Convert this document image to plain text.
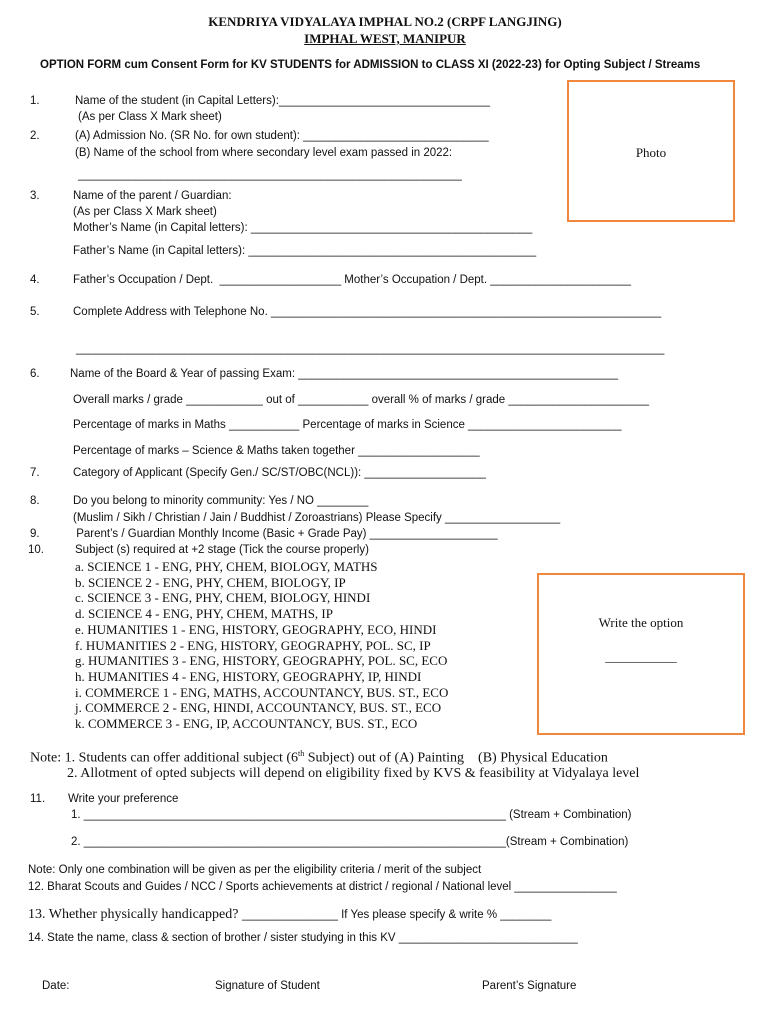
KENDRIYA VIDYALAYA IMPHAL NO.2 (CRPF LANGJING)
IMPHAL WEST, MANIPUR
OPTION FORM cum Consent Form for KV STUDENTS for ADMISSION to CLASS XI (2022-23) for Opting Subject / Streams
Photo
1.	Name of the student (in Capital Letters):_________________________________
(As per Class X Mark sheet)
2.	(A) Admission No. (SR No. for own student): _____________________________
(B) Name of the school from where secondary level exam passed in 2022:
____________________________________________________________
3.	Name of the parent / Guardian:
(As per Class X Mark sheet)
Mother’s Name (in Capital letters): ____________________________________________
Father’s Name (in Capital letters): _____________________________________________
4.	Father’s Occupation / Dept.  ___________________ Mother’s Occupation / Dept. ______________________
5.	Complete Address with Telephone No. _____________________________________________________________
____________________________________________________________________________________________
6.	Name of the Board & Year of passing Exam: __________________________________________________
Overall marks / grade ____________ out of ___________ overall % of marks / grade ______________________
Percentage of marks in Maths ___________ Percentage of marks in Science ________________________
Percentage of marks – Science & Maths taken together ___________________
7.	Category of Applicant (Specify Gen./ SC/ST/OBC(NCL)): ___________________
8.	Do you belong to minority community: Yes / NO ________
(Muslim / Sikh / Christian / Jain / Buddhist / Zoroastrians) Please Specify __________________
9.	Parent’s / Guardian Monthly Income (Basic + Grade Pay) ____________________
10.	Subject (s) required at +2 stage (Tick the course properly)
a. SCIENCE 1 - ENG, PHY, CHEM, BIOLOGY, MATHS
b. SCIENCE 2 - ENG, PHY, CHEM, BIOLOGY, IP
c. SCIENCE 3 - ENG, PHY, CHEM, BIOLOGY, HINDI
d. SCIENCE 4 - ENG, PHY, CHEM, MATHS, IP
e. HUMANITIES 1 - ENG, HISTORY, GEOGRAPHY, ECO, HINDI
f. HUMANITIES 2 - ENG, HISTORY, GEOGRAPHY, POL. SC, IP
g. HUMANITIES 3 - ENG, HISTORY, GEOGRAPHY, POL. SC, ECO
h. HUMANITIES 4 - ENG, HISTORY, GEOGRAPHY, IP, HINDI
i. COMMERCE 1 - ENG, MATHS, ACCOUNTANCY, BUS. ST., ECO
j. COMMERCE 2 - ENG, HINDI, ACCOUNTANCY, BUS. ST., ECO
k. COMMERCE 3 - ENG, IP, ACCOUNTANCY, BUS. ST., ECO
Write the option
___________
Note: 1. Students can offer additional subject (6th Subject) out of (A) Painting    (B) Physical Education
2. Allotment of opted subjects will depend on eligibility fixed by KVS & feasibility at Vidyalaya level
11. Write your preference
1. __________________________________________________________________ (Stream + Combination)
2. __________________________________________________________________(Stream + Combination)
Note: Only one combination will be given as per the eligibility criteria / merit of the subject
12. Bharat Scouts and Guides / NCC / Sports achievements at district / regional / National level ________________
13. Whether physically handicapped? _______________ If Yes please specify & write % ________
14. State the name, class & section of brother / sister studying in this KV ____________________________
Date:	Signature of Student	Parent’s Signature
